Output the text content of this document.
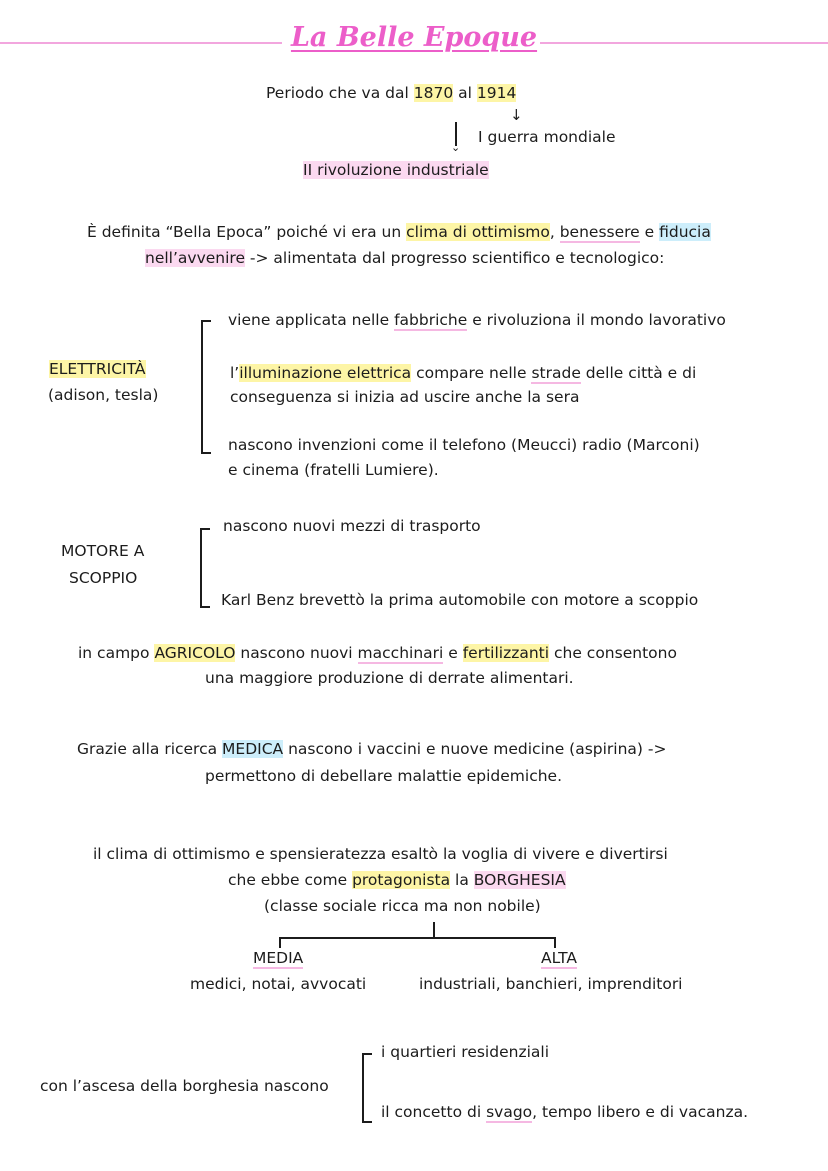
La Belle Epoque
Periodo che va dal 1870 al 1914
↓
⌄
I guerra mondiale
II rivoluzione industriale
È definita “Bella Epoca” poiché vi era un clima di ottimismo, benessere e fiducia
nell’avvenire -> alimentata dal progresso scientifico e tecnologico:
ELETTRICITÀ
(adison, tesla)
viene applicata nelle fabbriche e rivoluziona il mondo lavorativo
l’illuminazione elettrica compare nelle strade delle città e di
conseguenza si inizia ad uscire anche la sera
nascono invenzioni come il telefono (Meucci) radio (Marconi)
e cinema (fratelli Lumiere).
MOTORE A
SCOPPIO
nascono nuovi mezzi di trasporto
Karl Benz brevettò la prima automobile con motore a scoppio
in campo AGRICOLO nascono nuovi macchinari e fertilizzanti che consentono
una maggiore produzione di derrate alimentari.
Grazie alla ricerca MEDICA nascono i vaccini e nuove medicine (aspirina) ->
permettono di debellare malattie epidemiche.
il clima di ottimismo e spensieratezza esaltò la voglia di vivere e divertirsi
che ebbe come protagonista la BORGHESIA
(classe sociale ricca ma non nobile)
MEDIA
medici, notai, avvocati
ALTA
industriali, banchieri, imprenditori
con l’ascesa della borghesia nascono
i quartieri residenziali
il concetto di svago, tempo libero e di vacanza.
